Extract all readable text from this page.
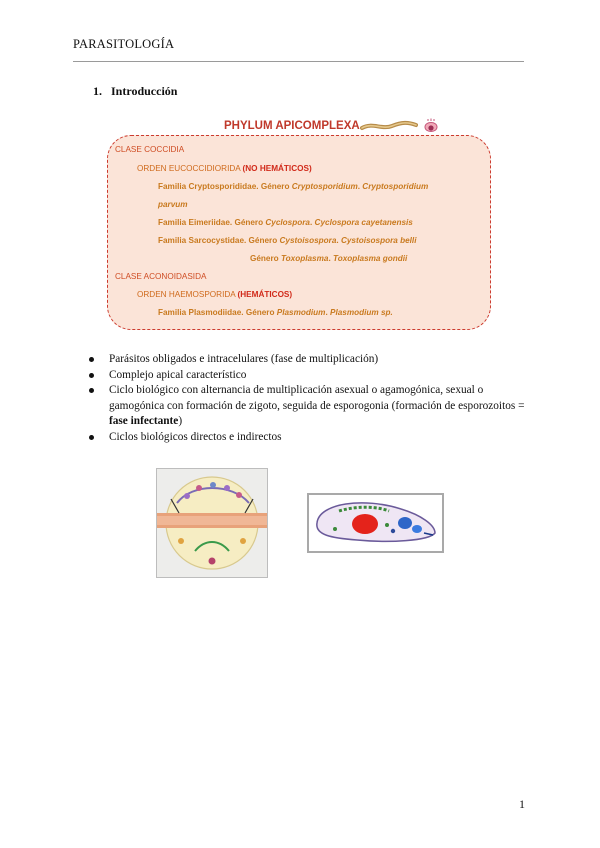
PARASITOLOGÍA
1. Introducción
PHYLUM APICOMPLEXA
CLASE COCCIDIA
ORDEN EUCOCCIDIORIDA (NO HEMÁTICOS)
Familia Cryptosporididae. Género Cryptosporidium. Cryptosporidium
parvum
Familia Eimeriidae. Género Cyclospora. Cyclospora cayetanensis
Familia Sarcocystidae. Género Cystoisospora. Cystoisospora belli
Género Toxoplasma. Toxoplasma gondii
CLASE ACONOIDASIDA
ORDEN HAEMOSPORIDA (HEMÁTICOS)
Familia Plasmodiidae. Género Plasmodium. Plasmodium sp.
Parásitos obligados e intracelulares (fase de multiplicación)
Complejo apical característico
Ciclo biológico con alternancia de multiplicación asexual o agamogónica, sexual o gamogónica con formación de zigoto, seguida de esporogonia (formación de esporozoitos = fase infectante)
Ciclos biológicos directos e indirectos
1
